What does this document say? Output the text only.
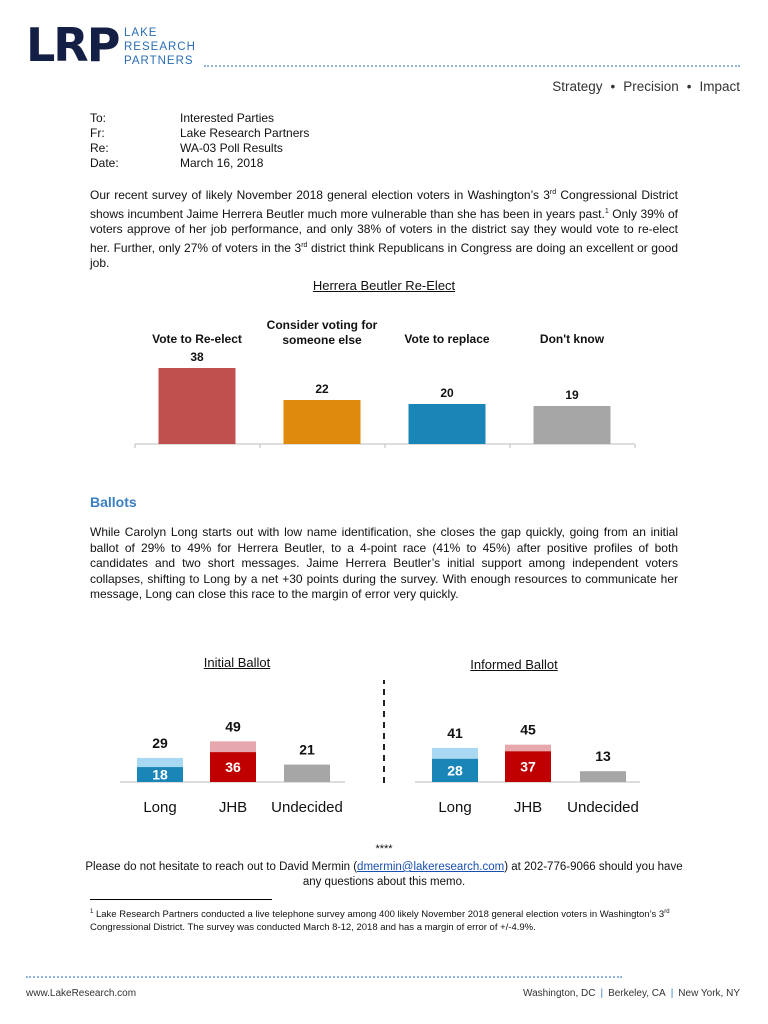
LRP LAKE
RESEARCH
PARTNERS
Strategy • Precision • Impact
To:	Interested Parties
Fr:	Lake Research Partners
Re:	WA-03 Poll Results
Date:	March 16, 2018
Our recent survey of likely November 2018 general election voters in Washington’s 3rd Congressional District shows incumbent Jaime Herrera Beutler much more vulnerable than she has been in years past.$^1$ Only 39% of voters approve of her job performance, and only 38% of voters in the district say they would vote to re-elect her. Further, only 27% of voters in the 3rd district think Republicans in Congress are doing an excellent or good job.
Herrera Beutler Re-Elect
Vote to Re-elect
Consider voting for someone else	Vote to replace	Don't know
38
22	20	19
Ballots
While Carolyn Long starts out with low name identification, she closes the gap quickly, going from an initial ballot of 29% to 49% for Herrera Beutler, to a 4-point race (41% to 45%) after positive profiles of both candidates and two short messages. Jaime Herrera Beutler’s initial support among independent voters collapses, shifting to Long by a net +30 points during the survey. With enough resources to communicate her message, Long can close this race to the margin of error very quickly.
Initial Ballot	Informed Ballot
18
29
Long
36
49
JHB
21
Undecided
28
41
Long
37
45
JHB
13
Undecided
****
Please do not hesitate to reach out to David Mermin (dmermin@lakeresearch.com) at 202-776-9066 should you have any questions about this memo.
$^1$ Lake Research Partners conducted a live telephone survey among 400 likely November 2018 general election voters in Washington’s 3rd Congressional District. The survey was conducted March 8-12, 2018 and has a margin of error of +/-4.9%.
www.LakeResearch.com	Washington, DC | Berkeley, CA | New York, NY
